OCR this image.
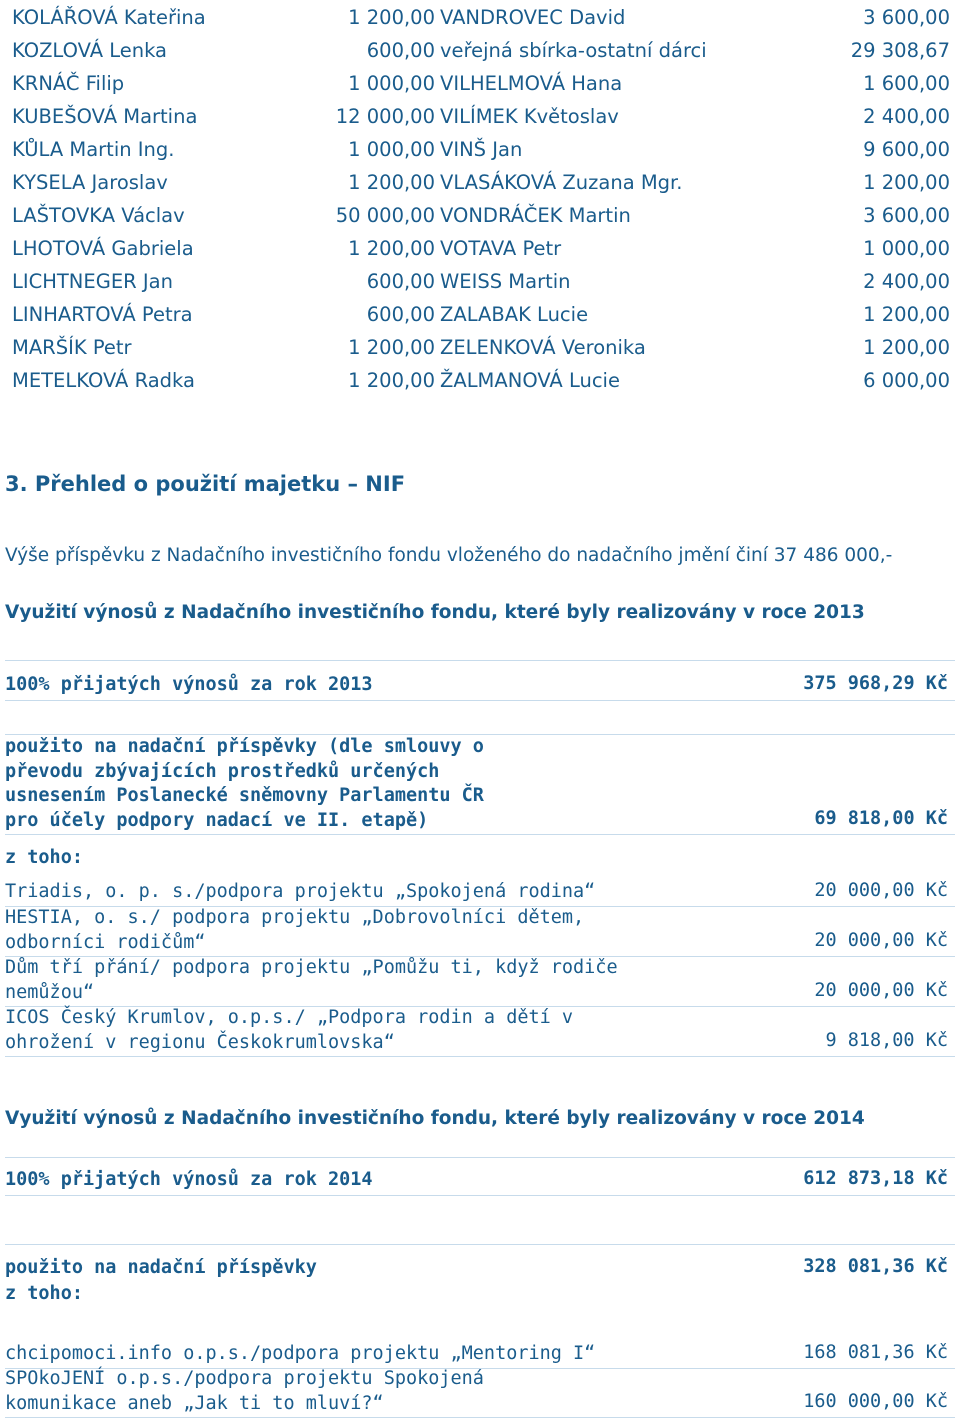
KOLÁŘOVÁ Kateřina	1 200,00 VANDROVEC David	3 600,00
KOZLOVÁ Lenka	600,00 veřejná sbírka-ostatní dárci	29 308,67
KRNÁČ Filip	1 000,00 VILHELMOVÁ Hana	1 600,00
KUBEŠOVÁ Martina	12 000,00 VILÍMEK Květoslav	2 400,00
KŮLA Martin Ing.	1 000,00 VINŠ Jan	9 600,00
KYSELA Jaroslav	1 200,00 VLASÁKOVÁ Zuzana Mgr.	1 200,00
LAŠTOVKA Václav	50 000,00 VONDRÁČEK Martin	3 600,00
LHOTOVÁ Gabriela	1 200,00 VOTAVA Petr	1 000,00
LICHTNEGER Jan	600,00 WEISS Martin	2 400,00
LINHARTOVÁ Petra	600,00 ZALABAK Lucie	1 200,00
MARŠÍK Petr	1 200,00 ZELENKOVÁ Veronika	1 200,00
METELKOVÁ Radka	1 200,00 ŽALMANOVÁ Lucie	6 000,00
3. Přehled o použití majetku – NIF
Výše příspěvku z Nadačního investičního fondu vloženého do nadačního jmění činí 37 486 000,-
Využití výnosů z Nadačního investičního fondu, které byly realizovány v roce 2013
100% přijatých výnosů za rok 2013	375 968,29 Kč
použito na nadační příspěvky (dle smlouvy o
převodu zbývajících prostředků určených
usnesením Poslanecké sněmovny Parlamentu ČR
pro účely podpory nadací ve II. etapě)	69 818,00 Kč
z toho:
Triadis, o. p. s./podpora projektu „Spokojená rodina“	20 000,00 Kč
HESTIA, o. s./ podpora projektu „Dobrovolníci dětem,
odborníci rodičům“	20 000,00 Kč
Dům tří přání/ podpora projektu „Pomůžu ti, když rodiče
nemůžou“	20 000,00 Kč
ICOS Český Krumlov, o.p.s./ „Podpora rodin a dětí v
ohrožení v regionu Českokrumlovska“	9 818,00 Kč
Využití výnosů z Nadačního investičního fondu, které byly realizovány v roce 2014
100% přijatých výnosů za rok 2014	612 873,18 Kč
použito na nadační příspěvky	328 081,36 Kč
z toho:
chcipomoci.info o.p.s./podpora projektu „Mentoring I“	168 081,36 Kč
SPOkoJENÍ o.p.s./podpora projektu Spokojená
komunikace aneb „Jak ti to mluví?“	160 000,00 Kč
